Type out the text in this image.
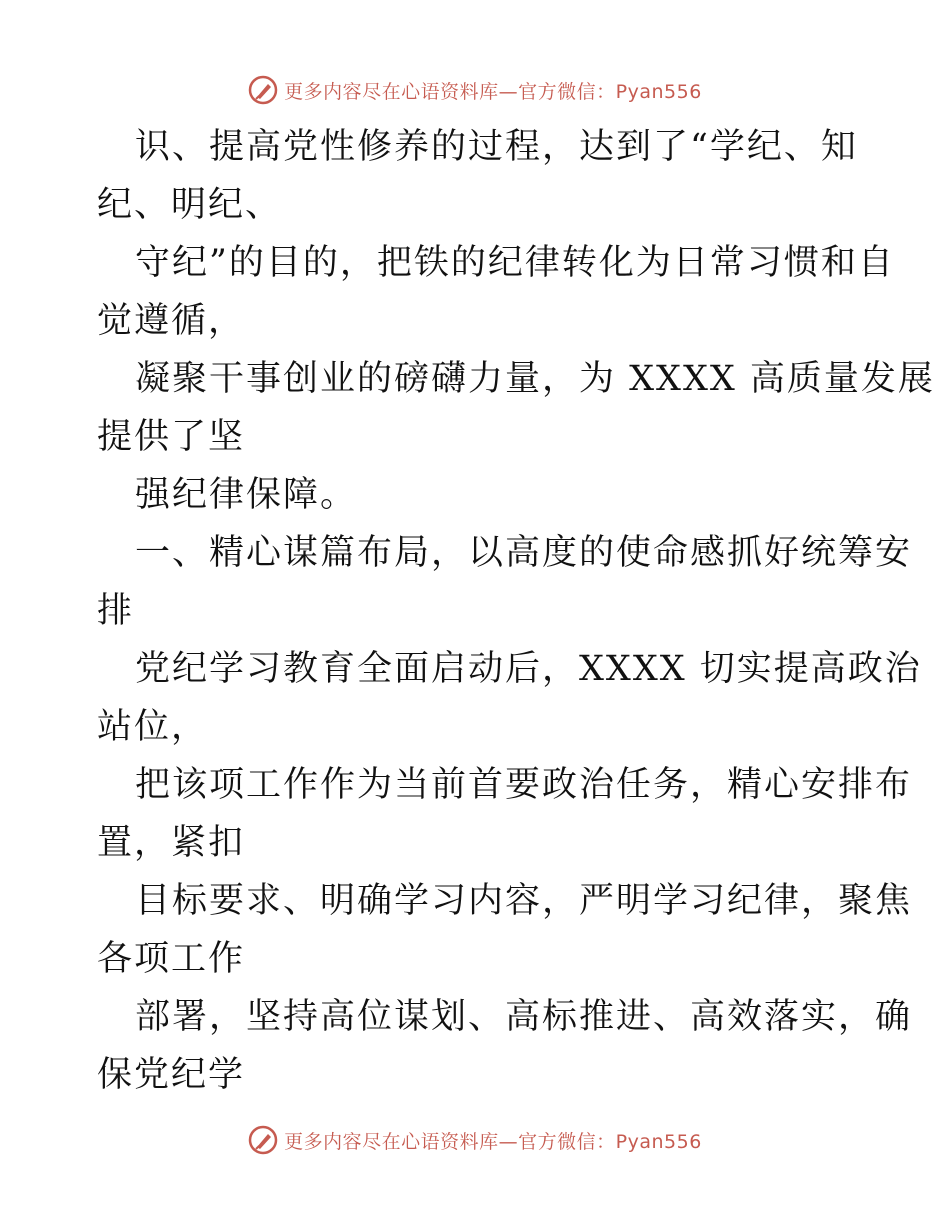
更多内容尽在心语资料库—官方微信：Pyan556

识、提高党性修养的过程，达到了“学纪、知

纪、明纪、

守纪”的目的，把铁的纪律转化为日常习惯和自

觉遵循，

凝聚干事创业的磅礴力量，为 XXXX 高质量发展

提供了坚

强纪律保障。

一、精心谋篇布局，以高度的使命感抓好统筹安

排

党纪学习教育全面启动后，XXXX 切实提高政治

站位，

把该项工作作为当前首要政治任务，精心安排布

置，紧扣

目标要求、明确学习内容，严明学习纪律，聚焦

各项工作

部署，坚持高位谋划、高标推进、高效落实，确

保党纪学

更多内容尽在心语资料库—官方微信：Pyan556
